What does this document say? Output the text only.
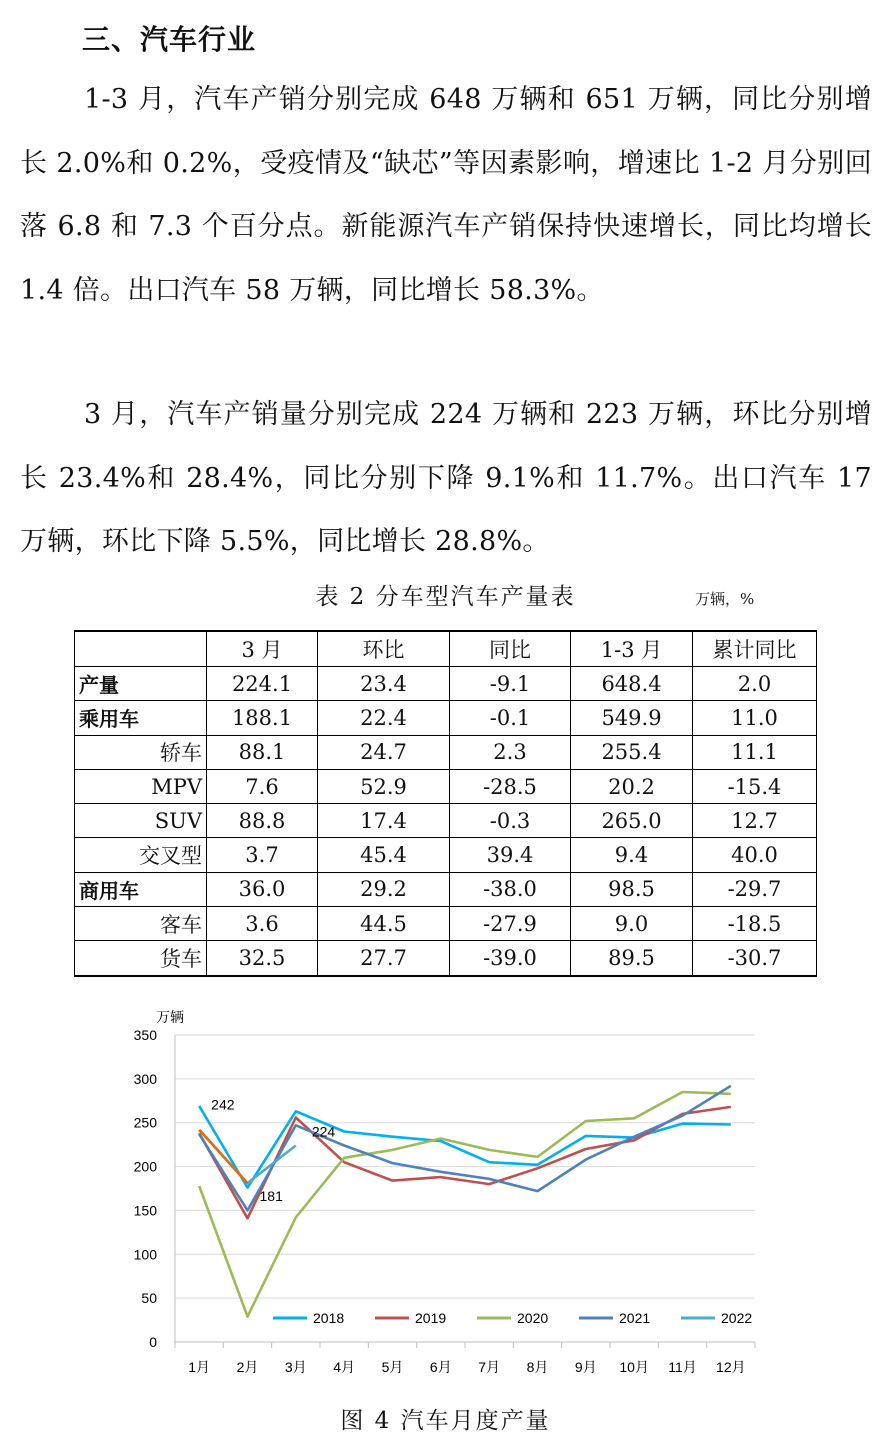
三、汽车行业

1-3 月，汽车产销分别完成 648 万辆和 651 万辆，同比分别增长 2.0%和 0.2%，受疫情及“缺芯”等因素影响，增速比 1-2 月分别回落 6.8 和 7.3 个百分点。新能源汽车产销保持快速增长，同比均增长 1.4 倍。出口汽车 58 万辆，同比增长 58.3%。

3 月，汽车产销量分别完成 224 万辆和 223 万辆，环比分别增长 23.4%和 28.4%，同比分别下降 9.1%和 11.7%。出口汽车 17 万辆，环比下降 5.5%，同比增长 28.8%。

表 2 分车型汽车产量表	万辆，%
	3 月	环比	同比	1-3 月	累计同比
产量	224.1	23.4	-9.1	648.4	2.0
乘用车	188.1	22.4	-0.1	549.9	11.0
轿车	88.1	24.7	2.3	255.4	11.1
MPV	7.6	52.9	-28.5	20.2	-15.4
SUV	88.8	17.4	-0.3	265.0	12.7
交叉型	3.7	45.4	39.4	9.4	40.0
商用车	36.0	29.2	-38.0	98.5	-29.7
客车	3.6	44.5	-27.9	9.0	-18.5
货车	32.5	27.7	-39.0	89.5	-30.7
0
50
100
150
200
250
300
350
万辆
1月 2月 3月 4月 5月 6月 7月 8月 9月 10月 11月 12月
242
181
224
2018	2019	2020	2021	2022
图 4 汽车月度产量
